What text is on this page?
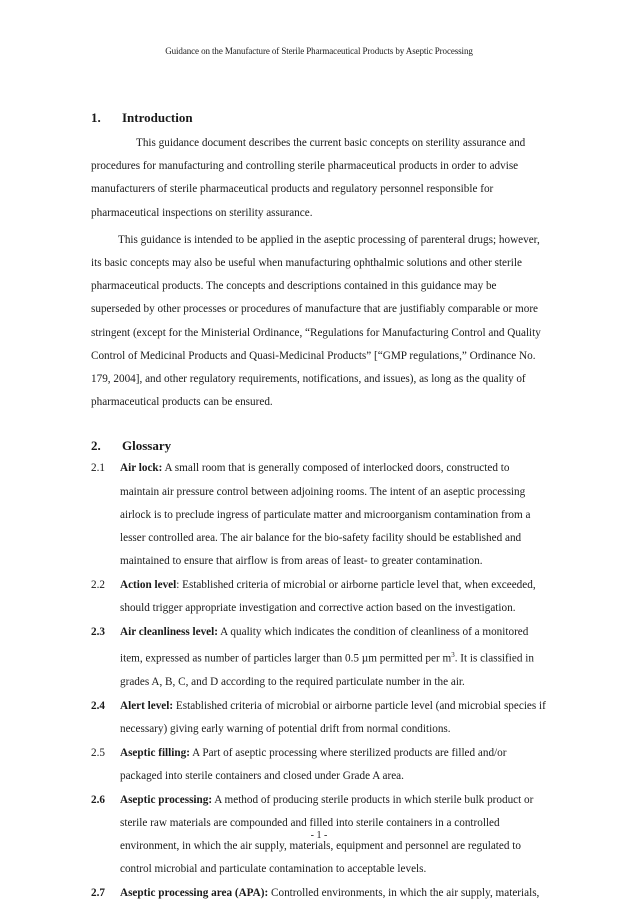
Guidance on the Manufacture of Sterile Pharmaceutical Products by Aseptic Processing
1.	Introduction

This guidance document describes the current basic concepts on sterility assurance and procedures for manufacturing and controlling sterile pharmaceutical products in order to advise manufacturers of sterile pharmaceutical products and regulatory personnel responsible for pharmaceutical inspections on sterility assurance.

This guidance is intended to be applied in the aseptic processing of parenteral drugs; however, its basic concepts may also be useful when manufacturing ophthalmic solutions and other sterile pharmaceutical products. The concepts and descriptions contained in this guidance may be superseded by other processes or procedures of manufacture that are justifiably comparable or more stringent (except for the Ministerial Ordinance, “Regulations for Manufacturing Control and Quality Control of Medicinal Products and Quasi-Medicinal Products” [“GMP regulations,” Ordinance No. 179, 2004], and other regulatory requirements, notifications, and issues), as long as the quality of pharmaceutical products can be ensured.

2.	Glossary
2.1 Air lock: A small room that is generally composed of interlocked doors, constructed to maintain air pressure control between adjoining rooms. The intent of an aseptic processing airlock is to preclude ingress of particulate matter and microorganism contamination from a lesser controlled area. The air balance for the bio-safety facility should be established and maintained to ensure that airflow is from areas of least- to greater contamination.
2.2 Action level: Established criteria of microbial or airborne particle level that, when exceeded, should trigger appropriate investigation and corrective action based on the investigation.
2.3 Air cleanliness level: A quality which indicates the condition of cleanliness of a monitored item, expressed as number of particles larger than 0.5 µm permitted per $m^3$. It is classified in grades A, B, C, and D according to the required particulate number in the air.
2.4 Alert level: Established criteria of microbial or airborne particle level (and microbial species if necessary) giving early warning of potential drift from normal conditions.
2.5 Aseptic filling: A Part of aseptic processing where sterilized products are filled and/or packaged into sterile containers and closed under Grade A area.
2.6 Aseptic processing: A method of producing sterile products in which sterile bulk product or sterile raw materials are compounded and filled into sterile containers in a controlled environment, in which the air supply, materials, equipment and personnel are regulated to control microbial and particulate contamination to acceptable levels.
2.7 Aseptic processing area (APA): Controlled environments, in which the air supply, materials,
- 1 -
